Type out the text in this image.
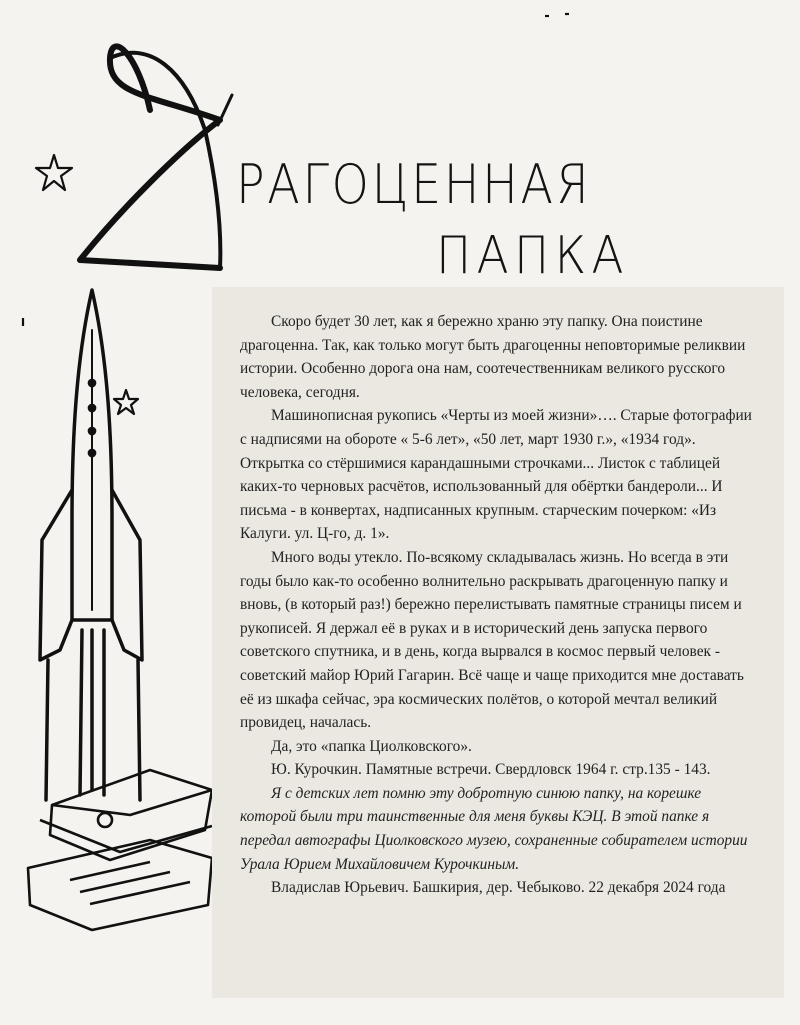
РАГОЦЕННАЯ
ПАПКА

Скоро будет 30 лет, как я бережно храню эту папку. Она поистине драгоценна. Так, как только могут быть драгоценны неповторимые реликвии истории. Особенно дорога она нам, соотечественникам великого русского человека, сегодня.

Машинописная рукопись «Черты из моей жизни»…. Старые фотографии с надписями на обороте « 5-6 лет», «50 лет, март 1930 г.», «1934 год». Открытка со стёршимися карандашными строчками... Листок с таблицей каких-то черновых расчётов, использованный для обёртки бандероли... И письма - в конвертах, надписанных крупным. старческим почерком: «Из Калуги. ул. Ц-го, д. 1».

Много воды утекло. По-всякому складывалась жизнь. Но всегда в эти годы было как-то особенно волнительно раскрывать драгоценную папку и вновь, (в который раз!) бережно перелистывать памятные страницы писем и рукописей. Я держал её в руках и в исторический день запуска первого советского спутника, и в день, когда вырвался в космос первый человек - советский майор Юрий Гагарин. Всё чаще и чаще приходится мне доставать её из шкафа сейчас, эра космических полётов, о которой мечтал великий провидец, началась.

Да, это «папка Циолковского».

Ю. Курочкин. Памятные встречи. Свердловск 1964 г. стр.135 - 143.

Я с детских лет помню эту добротную синюю папку, на корешке которой были три таинственные для меня буквы КЭЦ. В этой папке я передал автографы Циолковского музею, сохраненные собирателем истории Урала Юрием Михайловичем Курочкиным.

Владислав Юрьевич. Башкирия, дер. Чебыково. 22 декабря 2024 года
